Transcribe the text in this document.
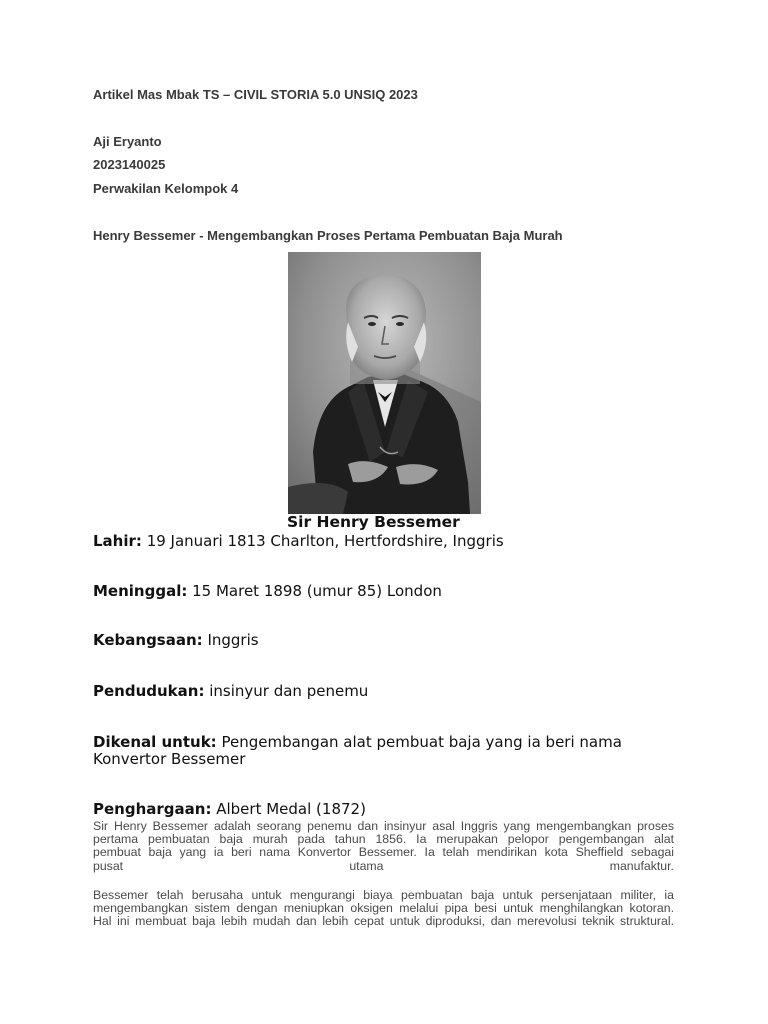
Artikel Mas Mbak TS – CIVIL STORIA 5.0 UNSIQ 2023
Aji Eryanto
2023140025
Perwakilan Kelompok 4
Henry Bessemer - Mengembangkan Proses Pertama Pembuatan Baja Murah
Sir Henry Bessemer
Lahir: 19 Januari 1813 Charlton, Hertfordshire, Inggris
Meninggal: 15 Maret 1898 (umur 85) London
Kebangsaan: Inggris
Pendudukan: insinyur dan penemu
Dikenal untuk: Pengembangan alat pembuat baja yang ia beri nama Konvertor Bessemer
Penghargaan: Albert Medal (1872)
Sir Henry Bessemer adalah seorang penemu dan insinyur asal Inggris yang mengembangkan proses
pertama pembuatan baja murah pada tahun 1856. Ia merupakan pelopor pengembangan alat
pembuat baja yang ia beri nama Konvertor Bessemer. Ia telah mendirikan kota Sheffield sebagai
pusat	utama	manufaktur.
Bessemer telah berusaha untuk mengurangi biaya pembuatan baja untuk persenjataan militer, ia
mengembangkan sistem dengan meniupkan oksigen melalui pipa besi untuk menghilangkan kotoran.
Hal ini membuat baja lebih mudah dan lebih cepat untuk diproduksi, dan merevolusi teknik struktural.
